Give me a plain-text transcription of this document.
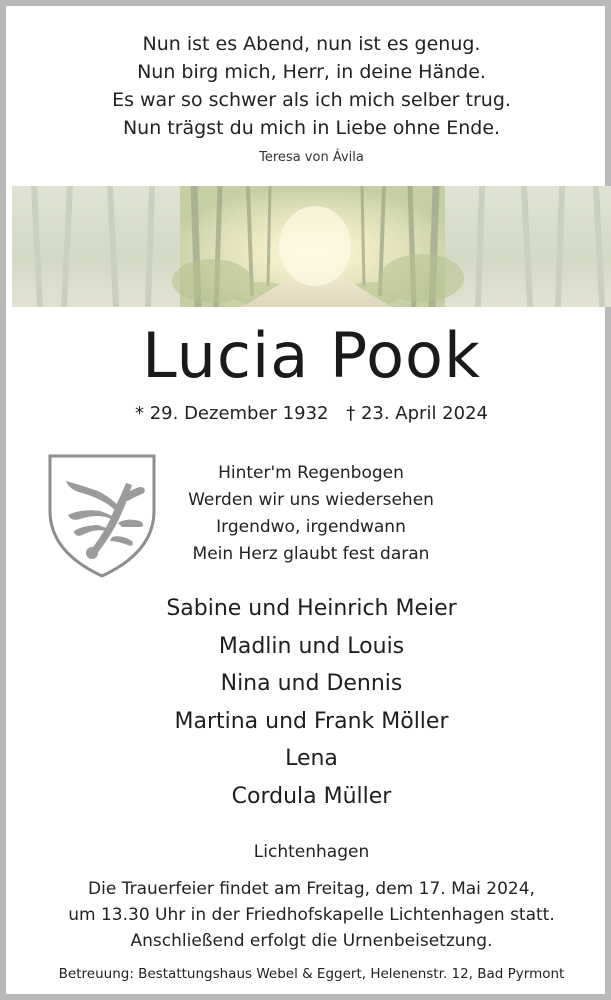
Nun ist es Abend, nun ist es genug.
Nun birg mich, Herr, in deine Hände.
Es war so schwer als ich mich selber trug.
Nun trägst du mich in Liebe ohne Ende.
Teresa von Ávila
Lucia Pook
* 29. Dezember 1932 † 23. April 2024
Hinter'm Regenbogen
Werden wir uns wiedersehen
Irgendwo, irgendwann
Mein Herz glaubt fest daran
Sabine und Heinrich Meier
Madlin und Louis
Nina und Dennis
Martina und Frank Möller
Lena
Cordula Müller
Lichtenhagen
Die Trauerfeier findet am Freitag, dem 17. Mai 2024,
um 13.30 Uhr in der Friedhofskapelle Lichtenhagen statt.
Anschließend erfolgt die Urnenbeisetzung.
Betreuung: Bestattungshaus Webel & Eggert, Helenenstr. 12, Bad Pyrmont
